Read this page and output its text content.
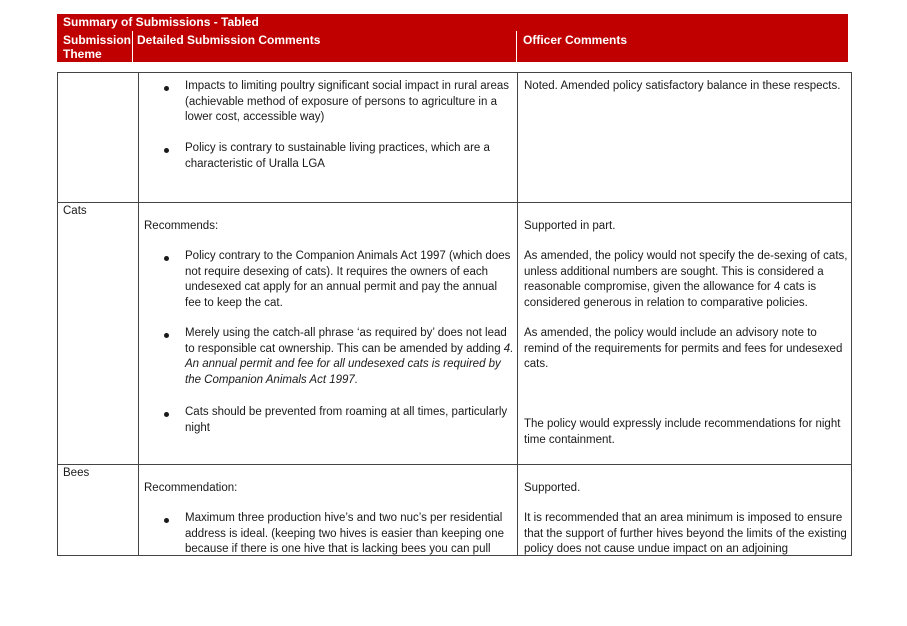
Summary of Submissions - Tabled
Submission
Theme
Detailed Submission Comments	Officer Comments
Impacts to limiting poultry significant social impact in rural areas (achievable method of exposure of persons to agriculture in a lower cost, accessible way)
Policy is contrary to sustainable living practices, which are a characteristic of Uralla LGA
Noted. Amended policy satisfactory balance in these respects.
Cats
Recommends:
Policy contrary to the Companion Animals Act 1997 (which does not require desexing of cats). It requires the owners of each undesexed cat apply for an annual permit and pay the annual fee to keep the cat.
Merely using the catch-all phrase ‘as required by’ does not lead to responsible cat ownership. This can be amended by adding 4. An annual permit and fee for all undesexed cats is required by the Companion Animals Act 1997.
Cats should be prevented from roaming at all times, particularly night
Supported in part.
As amended, the policy would not specify the de-sexing of cats, unless additional numbers are sought. This is considered a reasonable compromise, given the allowance for 4 cats is considered generous in relation to comparative policies.
As amended, the policy would include an advisory note to remind of the requirements for permits and fees for undesexed cats.
The policy would expressly include recommendations for night time containment.
Bees
Recommendation:
Maximum three production hive’s and two nuc’s per residential address is ideal. (keeping two hives is easier than keeping one because if there is one hive that is lacking bees you can pull
Supported.
It is recommended that an area minimum is imposed to ensure that the support of further hives beyond the limits of the existing policy does not cause undue impact on an adjoining
